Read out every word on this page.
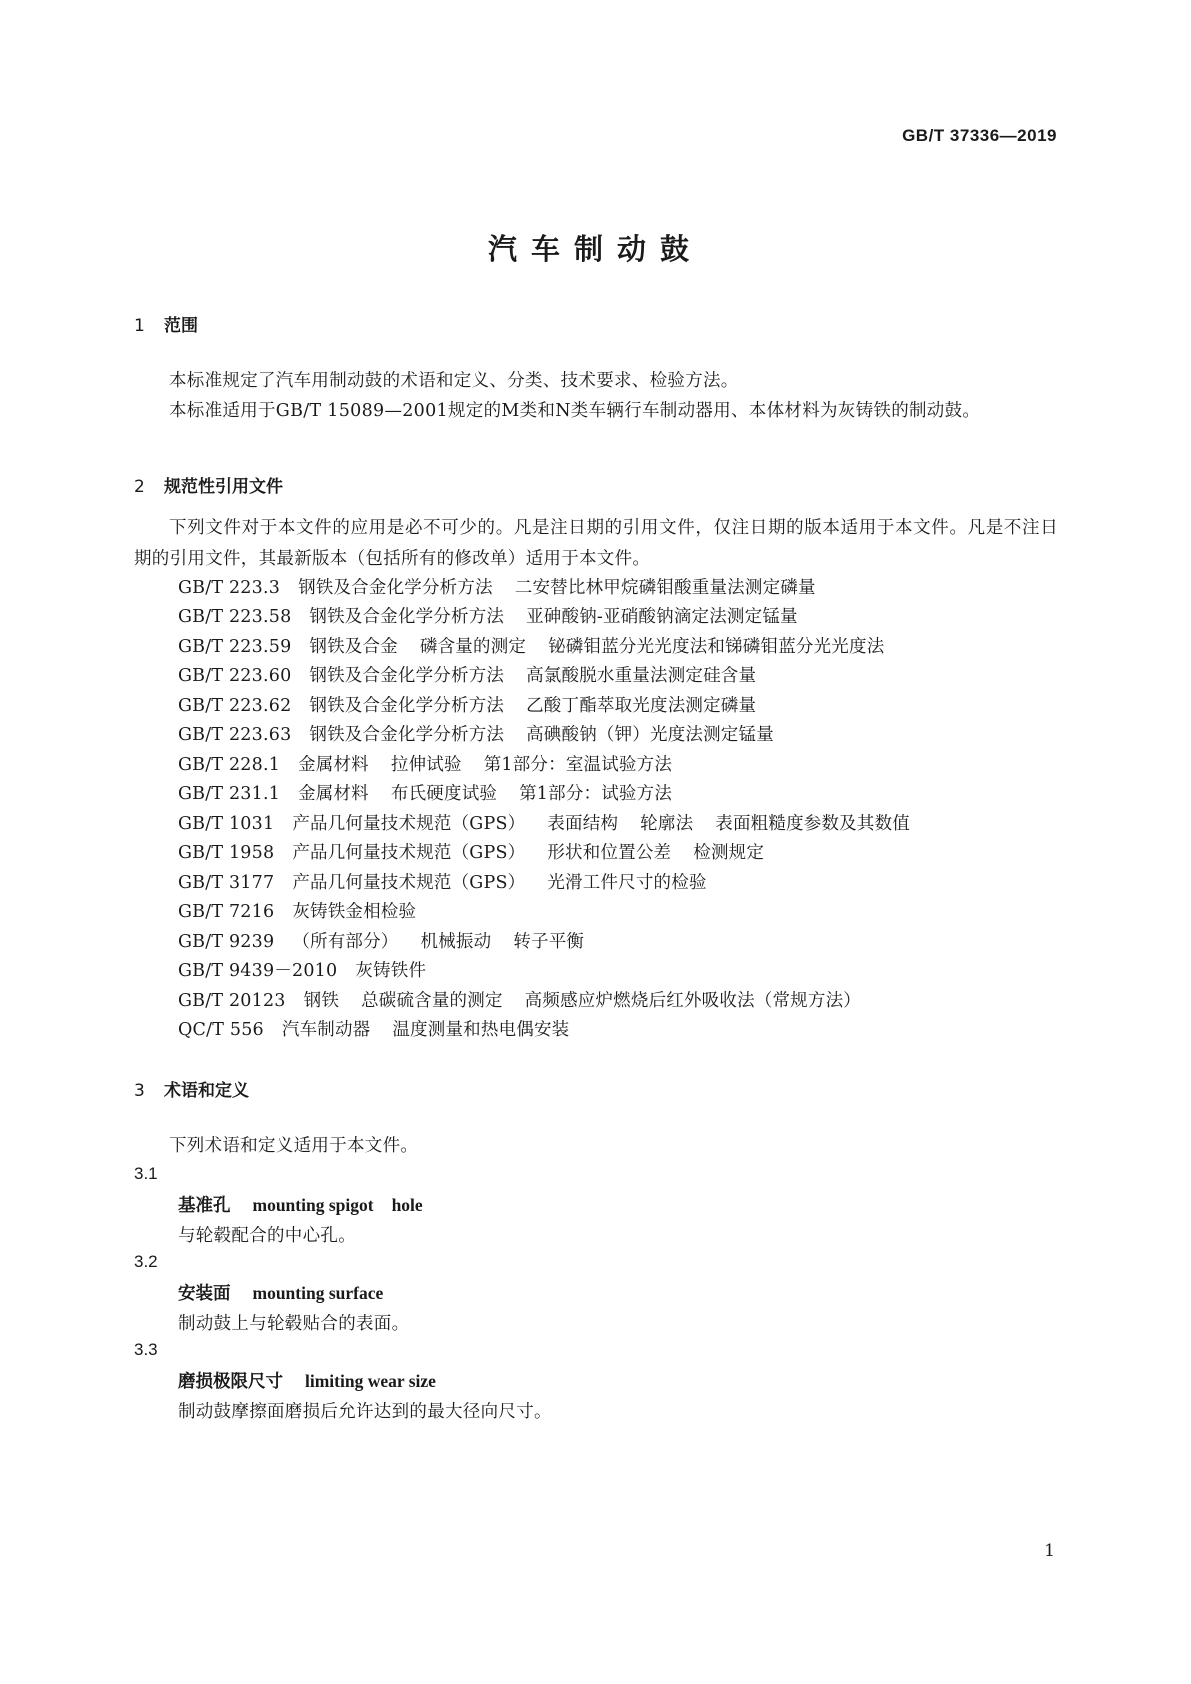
GB/T 37336—2019
汽车制动鼓
1 范围
本标准规定了汽车用制动鼓的术语和定义、分类、技术要求、检验方法。
本标准适用于GB/T 15089—2001规定的M类和N类车辆行车制动器用、本体材料为灰铸铁的制动鼓。
2 规范性引用文件
下列文件对于本文件的应用是必不可少的。凡是注日期的引用文件，仅注日期的版本适用于本文件。凡是不注日期的引用文件，其最新版本（包括所有的修改单）适用于本文件。
GB/T 223.3 钢铁及合金化学分析方法 二安替比林甲烷磷钼酸重量法测定磷量
GB/T 223.58 钢铁及合金化学分析方法 亚砷酸钠-亚硝酸钠滴定法测定锰量
GB/T 223.59 钢铁及合金 磷含量的测定 铋磷钼蓝分光光度法和锑磷钼蓝分光光度法
GB/T 223.60 钢铁及合金化学分析方法 高氯酸脱水重量法测定硅含量
GB/T 223.62 钢铁及合金化学分析方法 乙酸丁酯萃取光度法测定磷量
GB/T 223.63 钢铁及合金化学分析方法 高碘酸钠（钾）光度法测定锰量
GB/T 228.1 金属材料 拉伸试验 第1部分：室温试验方法
GB/T 231.1 金属材料 布氏硬度试验 第1部分：试验方法
GB/T 1031 产品几何量技术规范（GPS） 表面结构 轮廓法 表面粗糙度参数及其数值
GB/T 1958 产品几何量技术规范（GPS） 形状和位置公差 检测规定
GB/T 3177 产品几何量技术规范（GPS） 光滑工件尺寸的检验
GB/T 7216 灰铸铁金相检验
GB/T 9239 （所有部分） 机械振动 转子平衡
GB/T 9439－2010 灰铸铁件
GB/T 20123 钢铁 总碳硫含量的测定 高频感应炉燃烧后红外吸收法（常规方法）
QC/T 556 汽车制动器 温度测量和热电偶安装
3 术语和定义
下列术语和定义适用于本文件。
3.1
基准孔 mounting spigot hole
与轮毂配合的中心孔。
3.2
安装面 mounting surface
制动鼓上与轮毂贴合的表面。
3.3
磨损极限尺寸 limiting wear size
制动鼓摩擦面磨损后允许达到的最大径向尺寸。
1
